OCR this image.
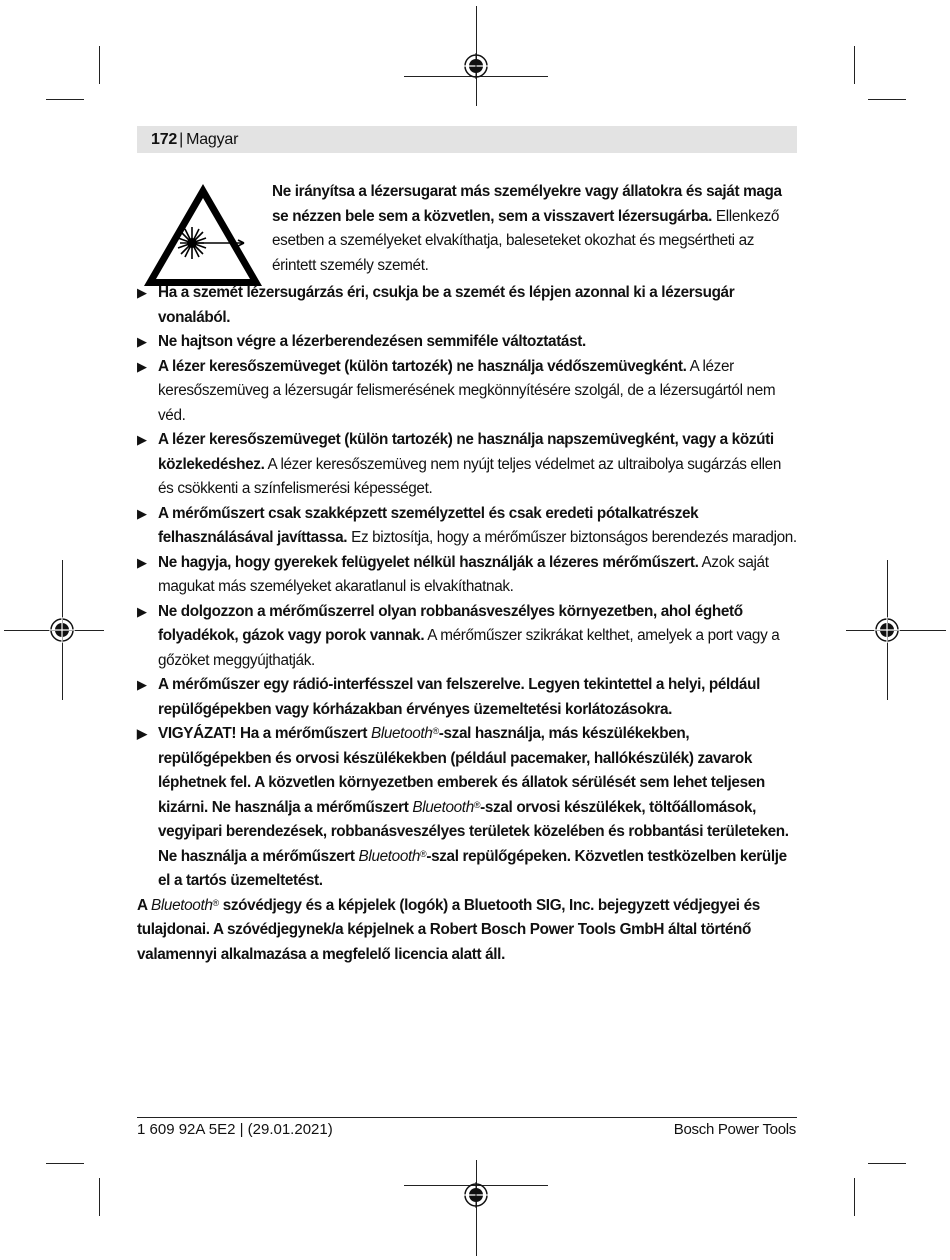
172 | Magyar

Ne irányítsa a lézersugarat más személyekre vagy állatokra és saját maga se nézzen bele sem a közvetlen, sem a visszavert lézersugárba. Ellenkező esetben a személyeket elvakíthatja, baleseteket okozhat és megsértheti az érintett személy szemét.

▶ Ha a szemét lézersugárzás éri, csukja be a szemét és lépjen azonnal ki a lézersugár vonalából.
▶ Ne hajtson végre a lézerberendezésen semmiféle változtatást.
▶ A lézer keresőszemüveget (külön tartozék) ne használja védőszemüvegként. A lézer keresőszemüveg a lézersugár felismerésének megkönnyítésére szolgál, de a lézersugártól nem véd.
▶ A lézer keresőszemüveget (külön tartozék) ne használja napszemüvegként, vagy a közúti közlekedéshez. A lézer keresőszemüveg nem nyújt teljes védelmet az ultraibolya sugárzás ellen és csökkenti a színfelismerési képességet.
▶ A mérőműszert csak szakképzett személyzettel és csak eredeti pótalkatrészek felhasználásával javíttassa. Ez biztosítja, hogy a mérőműszer biztonságos berendezés maradjon.
▶ Ne hagyja, hogy gyerekek felügyelet nélkül használják a lézeres mérőműszert. Azok saját magukat más személyeket akaratlanul is elvakíthatnak.
▶ Ne dolgozzon a mérőműszerrel olyan robbanásveszélyes környezetben, ahol éghető folyadékok, gázok vagy porok vannak. A mérőműszer szikrákat kelthet, amelyek a port vagy a gőzöket meggyújthatják.
▶ A mérőműszer egy rádió-interfésszel van felszerelve. Legyen tekintettel a helyi, például repülőgépekben vagy kórházakban érvényes üzemeltetési korlátozásokra.
▶ VIGYÁZAT! Ha a mérőműszert Bluetooth®-szal használja, más készülékekben, repülőgépekben és orvosi készülékekben (például pacemaker, hallókészülék) zavarok léphetnek fel. A közvetlen környezetben emberek és állatok sérülését sem lehet teljesen kizárni. Ne használja a mérőműszert Bluetooth®-szal orvosi készülékek, töltőállomások, vegyipari berendezések, robbanásveszélyes területek közelében és robbantási területeken. Ne használja a mérőműszert Bluetooth®-szal repülőgépeken. Közvetlen testközelben kerülje el a tartós üzemeltetést.

A Bluetooth® szóvédjegy és a képjelek (logók) a Bluetooth SIG, Inc. bejegyzett védjegyei és tulajdonai. A szóvédjegynek/a képjelnek a Robert Bosch Power Tools GmbH által történő valamennyi alkalmazása a megfelelő licencia alatt áll.

1 609 92A 5E2 | (29.01.2021)	Bosch Power Tools
